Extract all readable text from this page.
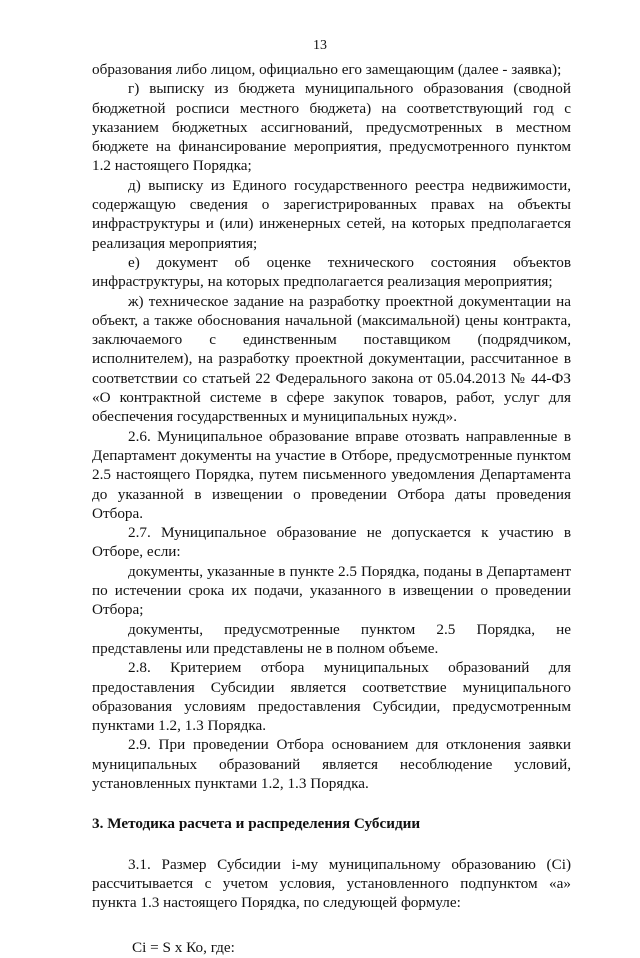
13

образования либо лицом, официально его замещающим (далее - заявка);

г) выписку из бюджета муниципального образования (сводной бюджетной росписи местного бюджета) на соответствующий год с указанием бюджетных ассигнований, предусмотренных в местном бюджете на финансирование мероприятия, предусмотренного пунктом 1.2 настоящего Порядка;

д) выписку из Единого государственного реестра недвижимости, содержащую сведения о зарегистрированных правах на объекты инфраструктуры и (или) инженерных сетей, на которых предполагается реализация мероприятия;

е) документ об оценке технического состояния объектов инфраструктуры, на которых предполагается реализация мероприятия;

ж) техническое задание на разработку проектной документации на объект, а также обоснования начальной (максимальной) цены контракта, заключаемого с единственным поставщиком (подрядчиком, исполнителем), на разработку проектной документации, рассчитанное в соответствии со статьей 22 Федерального закона от 05.04.2013 № 44-ФЗ «О контрактной системе в сфере закупок товаров, работ, услуг для обеспечения государственных и муниципальных нужд».

2.6. Муниципальное образование вправе отозвать направленные в Департамент документы на участие в Отборе, предусмотренные пунктом 2.5 настоящего Порядка, путем письменного уведомления Департамента до указанной в извещении о проведении Отбора даты проведения Отбора.

2.7. Муниципальное образование не допускается к участию в Отборе, если:

документы, указанные в пункте 2.5 Порядка, поданы в Департамент по истечении срока их подачи, указанного в извещении о проведении Отбора;

документы, предусмотренные пунктом 2.5 Порядка, не представлены или представлены не в полном объеме.

2.8. Критерием отбора муниципальных образований для предоставления Субсидии является соответствие муниципального образования условиям предоставления Субсидии, предусмотренным пунктами 1.2, 1.3 Порядка.

2.9. При проведении Отбора основанием для отклонения заявки муниципальных образований является несоблюдение условий, установленных пунктами 1.2, 1.3 Порядка.

3. Методика расчета и распределения Субсидии

3.1. Размер Субсидии i-му муниципальному образованию (Ci) рассчитывается с учетом условия, установленного подпунктом «а» пункта 1.3 настоящего Порядка, по следующей формуле:

Ci = S x Ко, где:
